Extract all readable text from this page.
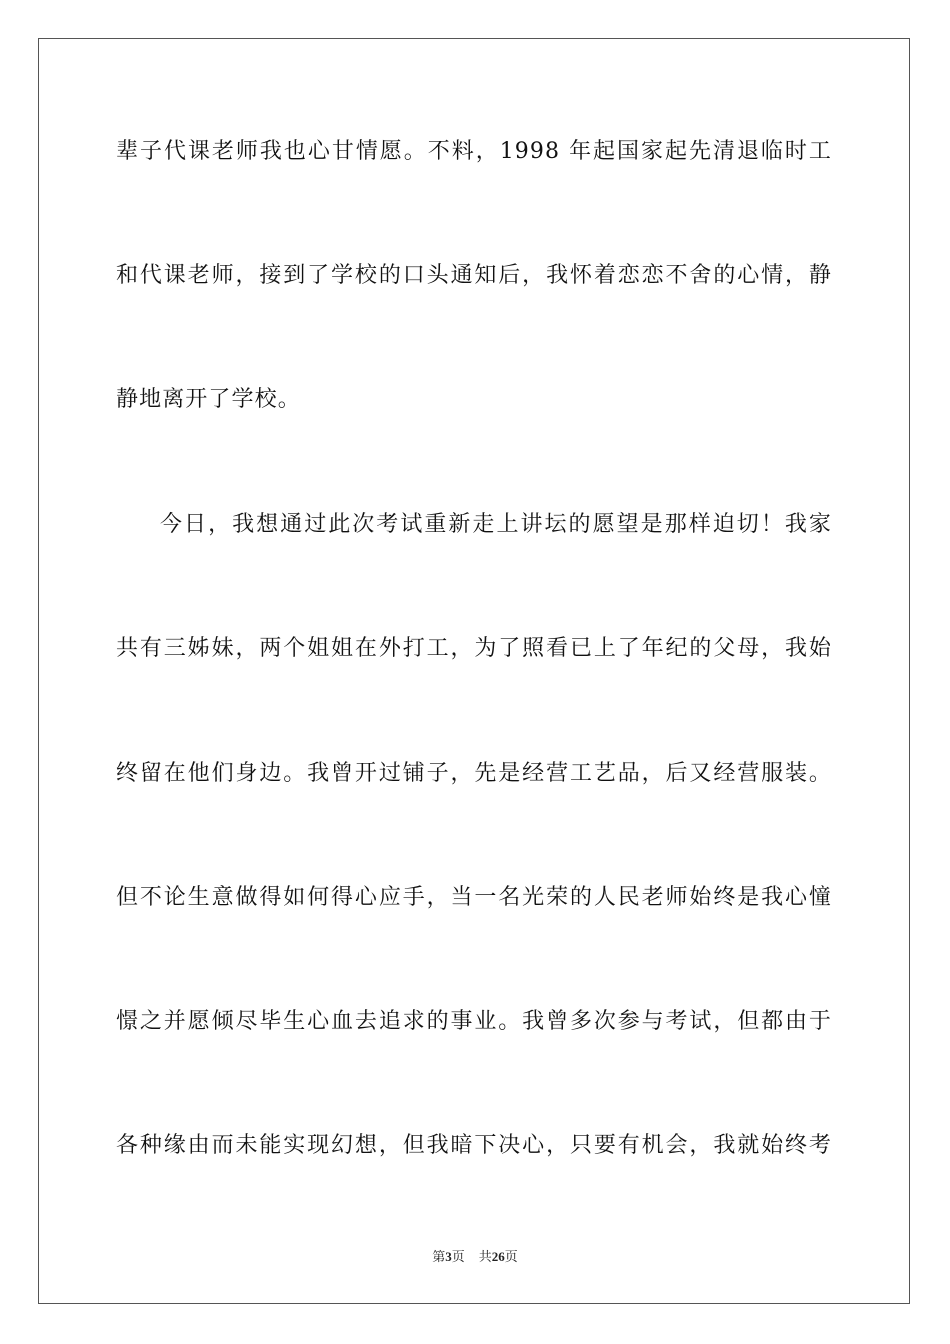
辈子代课老师我也心甘情愿。不料，1998 年起国家起先清退临时工
和代课老师，接到了学校的口头通知后，我怀着恋恋不舍的心情，静
静地离开了学校。
今日，我想通过此次考试重新走上讲坛的愿望是那样迫切！我家
共有三姊妹，两个姐姐在外打工，为了照看已上了年纪的父母，我始
终留在他们身边。我曾开过铺子，先是经营工艺品，后又经营服装。
但不论生意做得如何得心应手，当一名光荣的人民老师始终是我心憧
憬之并愿倾尽毕生心血去追求的事业。我曾多次参与考试，但都由于
各种缘由而未能实现幻想，但我暗下决心，只要有机会，我就始终考
第3页 共26页
